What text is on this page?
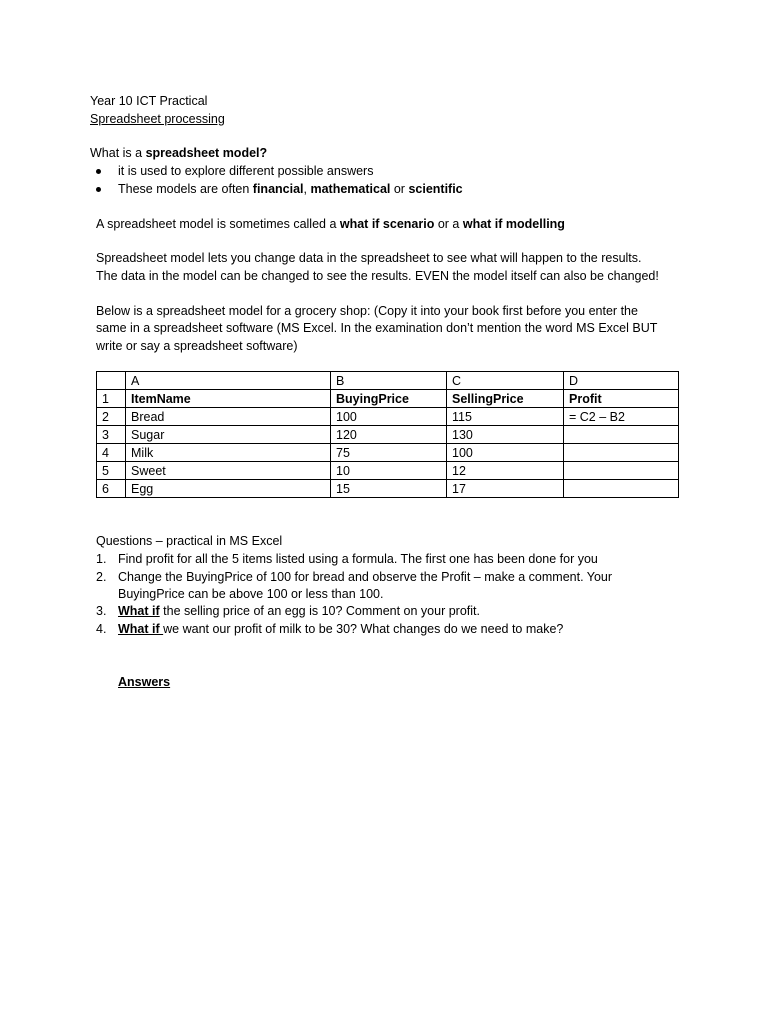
Year 10 ICT Practical
Spreadsheet processing
What is a spreadsheet model?
it is used to explore different possible answers
These models are often financial, mathematical or scientific
A spreadsheet model is sometimes called a what if scenario or a what if modelling
Spreadsheet model lets you change data in the spreadsheet to see what will happen to the results.
The data in the model can be changed to see the results. EVEN the model itself can also be changed!
Below is a spreadsheet model for a grocery shop: (Copy it into your book first before you enter the
same in a spreadsheet software (MS Excel. In the examination don’t mention the word MS Excel BUT
write or say a spreadsheet software)
	A	B	C	D
1	ItemName	BuyingPrice	SellingPrice	Profit
2	Bread	100	115	= C2 – B2
3	Sugar	120	130	
4	Milk	75	100	
5	Sweet	10	12	
6	Egg	15	17	
Questions – practical in MS Excel
1. Find profit for all the 5 items listed using a formula. The first one has been done for you
2. Change the BuyingPrice of 100 for bread and observe the Profit – make a comment. Your BuyingPrice can be above 100 or less than 100.
3. What if the selling price of an egg is 10? Comment on your profit.
4. What if we want our profit of milk to be 30? What changes do we need to make?
Answers
